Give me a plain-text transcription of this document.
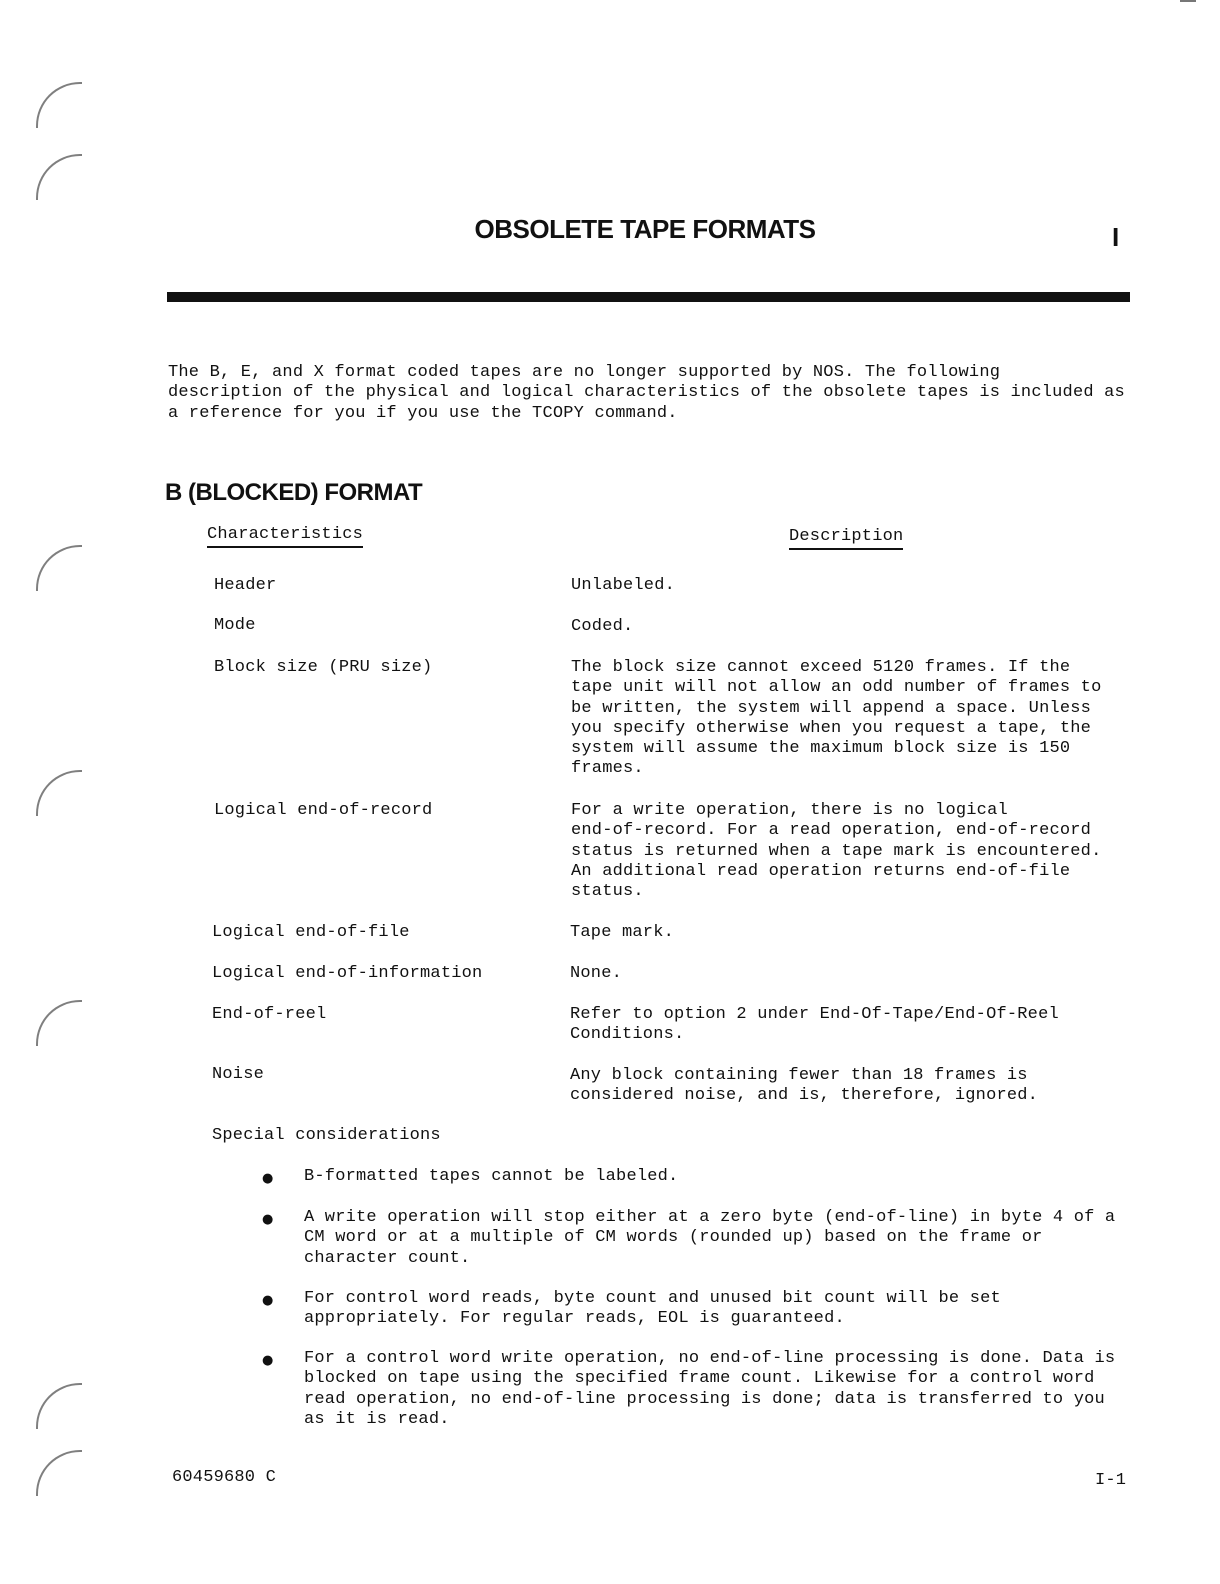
OBSOLETE TAPE FORMATS	I
The B, E, and X format coded tapes are no longer supported by NOS. The following
description of the physical and logical characteristics of the obsolete tapes is included as
a reference for you if you use the TCOPY command.
B (BLOCKED) FORMAT
Characteristics	Description
Header	Unlabeled.
Mode	Coded.
Block size (PRU size)	The block size cannot exceed 5120 frames. If the
tape unit will not allow an odd number of frames to
be written, the system will append a space. Unless
you specify otherwise when you request a tape, the
system will assume the maximum block size is 150
frames.
Logical end-of-record	For a write operation, there is no logical
end-of-record. For a read operation, end-of-record
status is returned when a tape mark is encountered.
An additional read operation returns end-of-file
status.
Logical end-of-file	Tape mark.
Logical end-of-information	None.
End-of-reel	Refer to option 2 under End-Of-Tape/End-Of-Reel
Conditions.
Noise	Any block containing fewer than 18 frames is
considered noise, and is, therefore, ignored.
Special considerations
● B-formatted tapes cannot be labeled.
● A write operation will stop either at a zero byte (end-of-line) in byte 4 of a
CM word or at a multiple of CM words (rounded up) based on the frame or
character count.
● For control word reads, byte count and unused bit count will be set
appropriately. For regular reads, EOL is guaranteed.
● For a control word write operation, no end-of-line processing is done. Data is
blocked on tape using the specified frame count. Likewise for a control word
read operation, no end-of-line processing is done; data is transferred to you
as it is read.
60459680 C	I-1
